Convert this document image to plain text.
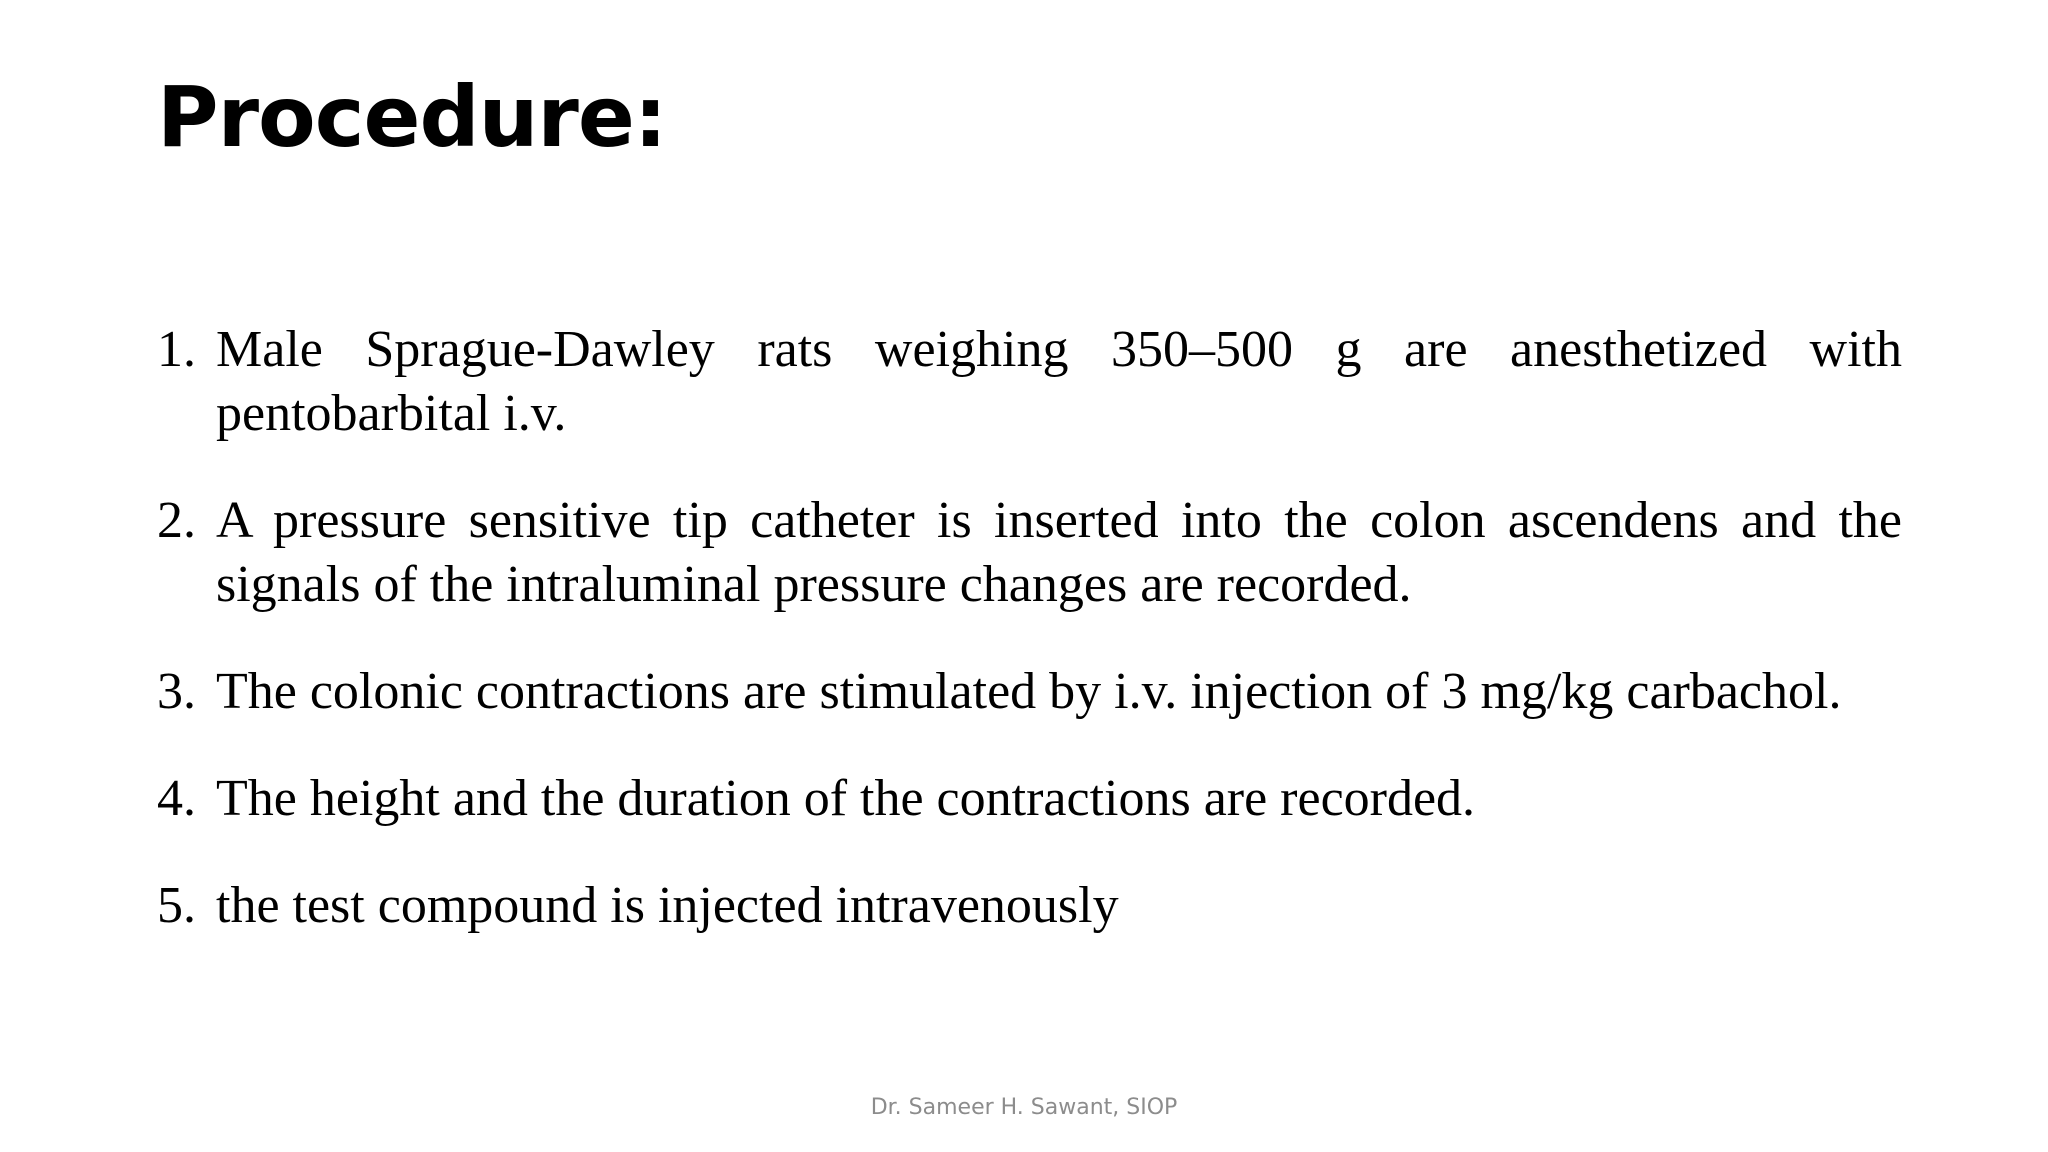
Procedure:
1. Male Sprague-Dawley rats weighing 350–500 g are anesthetized with pentobarbital i.v.
2. A pressure sensitive tip catheter is inserted into the colon ascendens and the signals of the intraluminal pressure changes are recorded.
3. The colonic contractions are stimulated by i.v. injection of 3 mg/kg carbachol.
4. The height and the duration of the contractions are recorded.
5. the test compound is injected intravenously
Dr. Sameer H. Sawant, SIOP
